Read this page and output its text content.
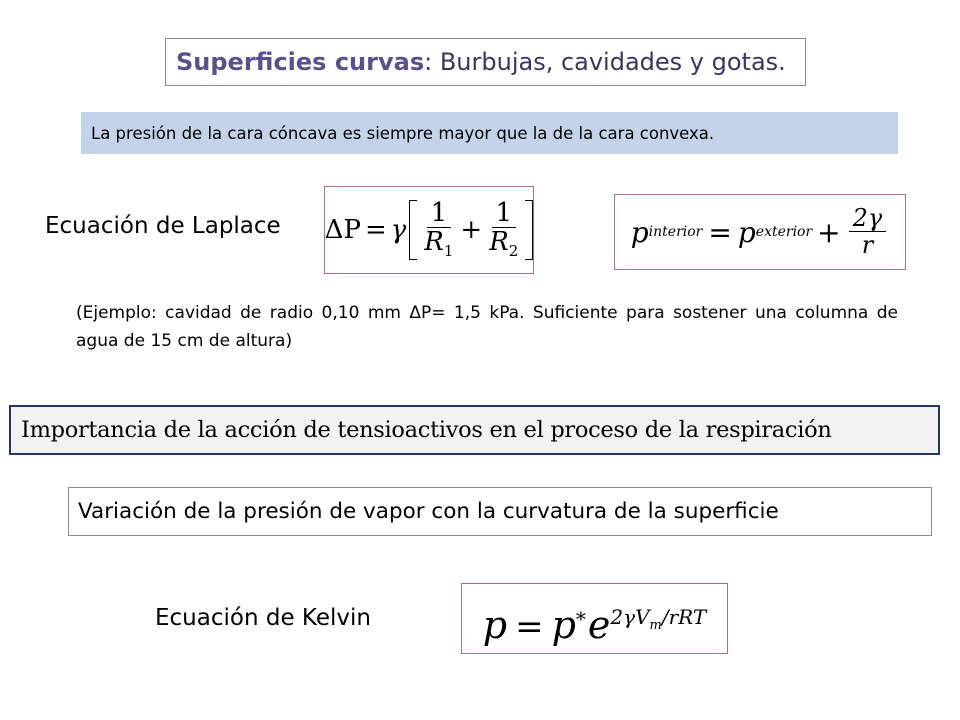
Superficies curvas : Burbujas, cavidades y gotas.
La presión de la cara cóncava es siempre mayor que la de la cara convexa.
Ecuación de Laplace ΔP = γ $\frac{1}{R_1} + \frac{1}{R_2}$	p interior = p exterior + $\frac{2\gamma}{r}$
(Ejemplo: cavidad de radio 0,10 mm ΔP= 1,5 kPa. Suficiente para sostener una columna de agua de 15 cm de altura)
Importancia de la acción de tensioactivos en el proceso de la respiración
Variación de la presión de vapor con la curvatura de la superficie
Ecuación de Kelvin	p = p* e $^{2\gamma V_m/rRT}$
